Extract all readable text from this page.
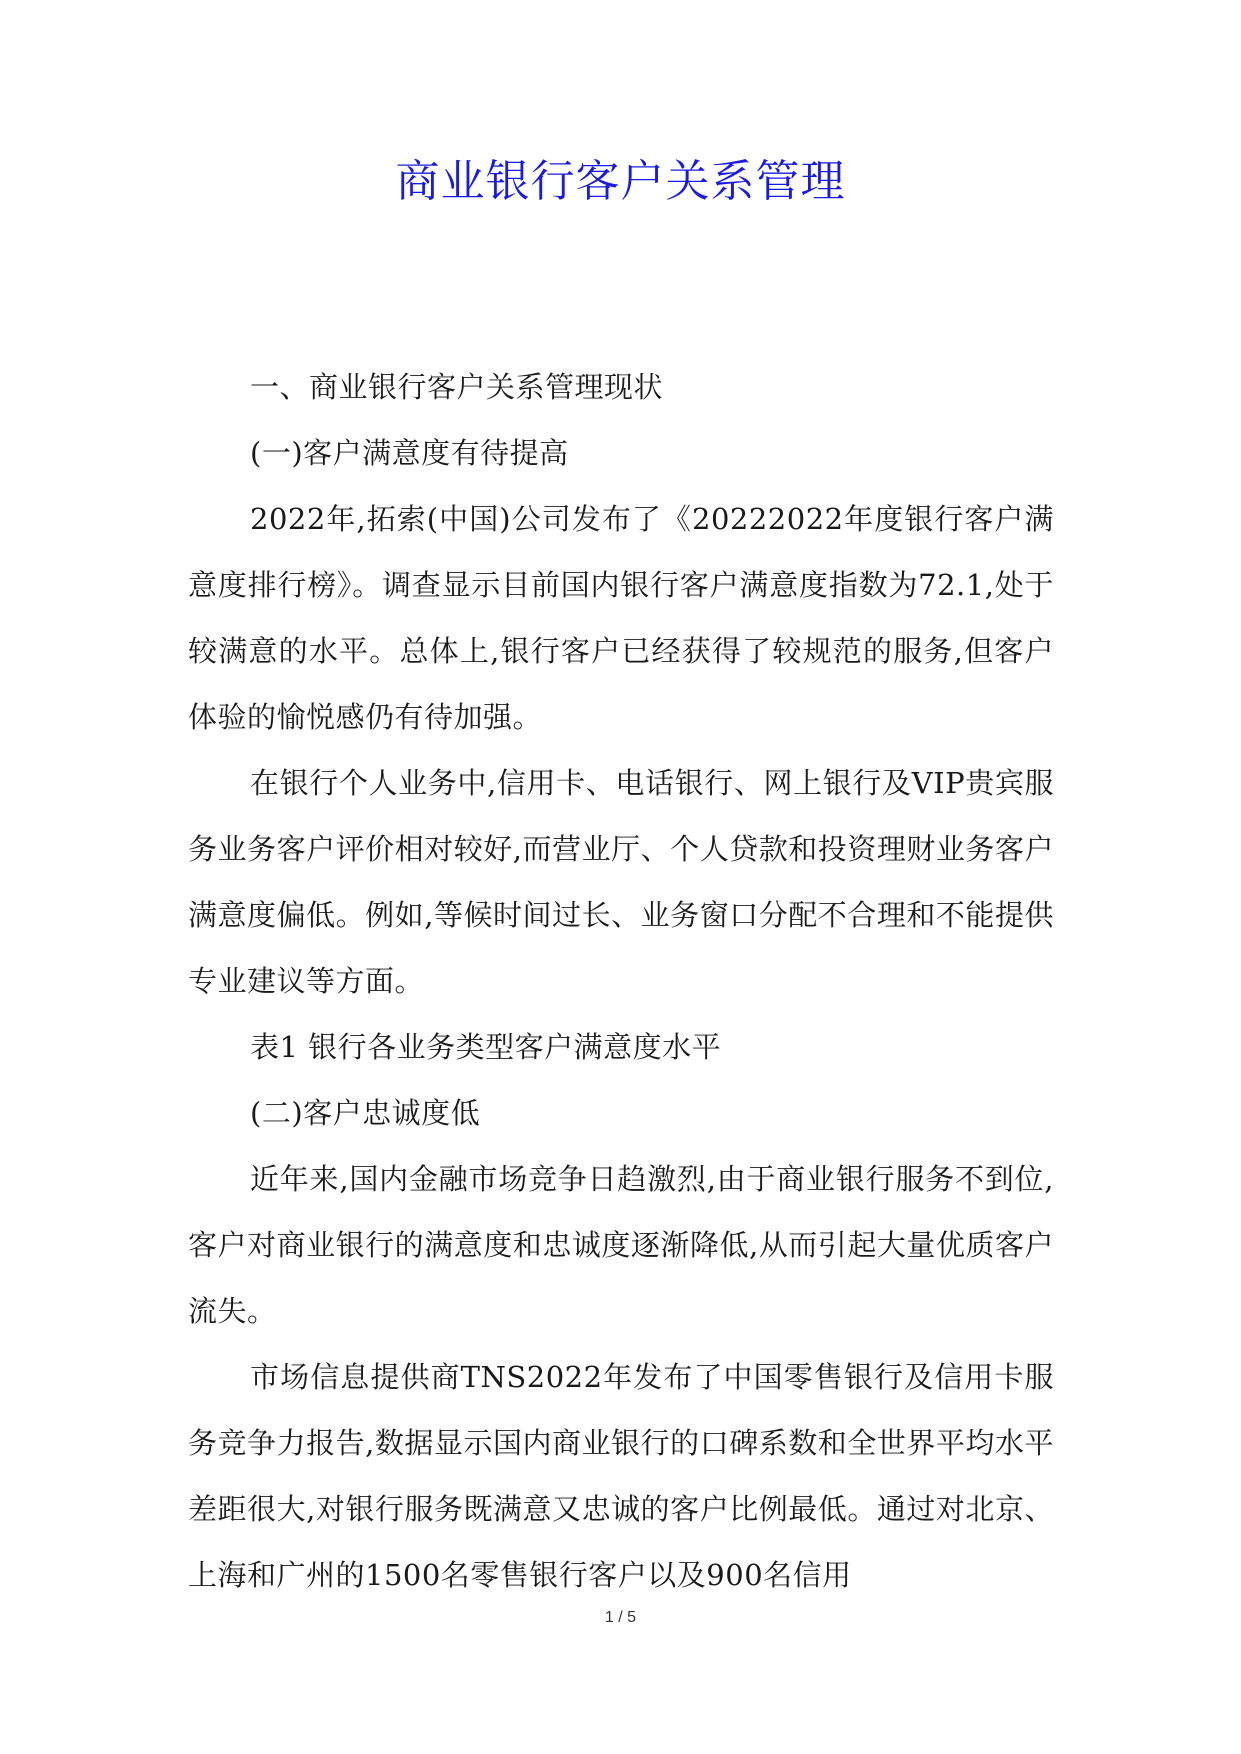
商业银行客户关系管理

一、商业银行客户关系管理现状

(一)客户满意度有待提高

2022年,拓索(中国)公司发布了《20222022年度银行客户满意度排行榜》。调查显示目前国内银行客户满意度指数为72.1,处于较满意的水平。总体上,银行客户已经获得了较规范的服务,但客户体验的愉悦感仍有待加强。

在银行个人业务中,信用卡、电话银行、网上银行及VIP贵宾服务业务客户评价相对较好,而营业厅、个人贷款和投资理财业务客户满意度偏低。例如,等候时间过长、业务窗口分配不合理和不能提供专业建议等方面。

表1 银行各业务类型客户满意度水平

(二)客户忠诚度低

近年来,国内金融市场竞争日趋激烈,由于商业银行服务不到位,客户对商业银行的满意度和忠诚度逐渐降低,从而引起大量优质客户流失。

市场信息提供商TNS2022年发布了中国零售银行及信用卡服务竞争力报告,数据显示国内商业银行的口碑系数和全世界平均水平差距很大,对银行服务既满意又忠诚的客户比例最低。通过对北京、上海和广州的1500名零售银行客户以及900名信用

1 / 5
